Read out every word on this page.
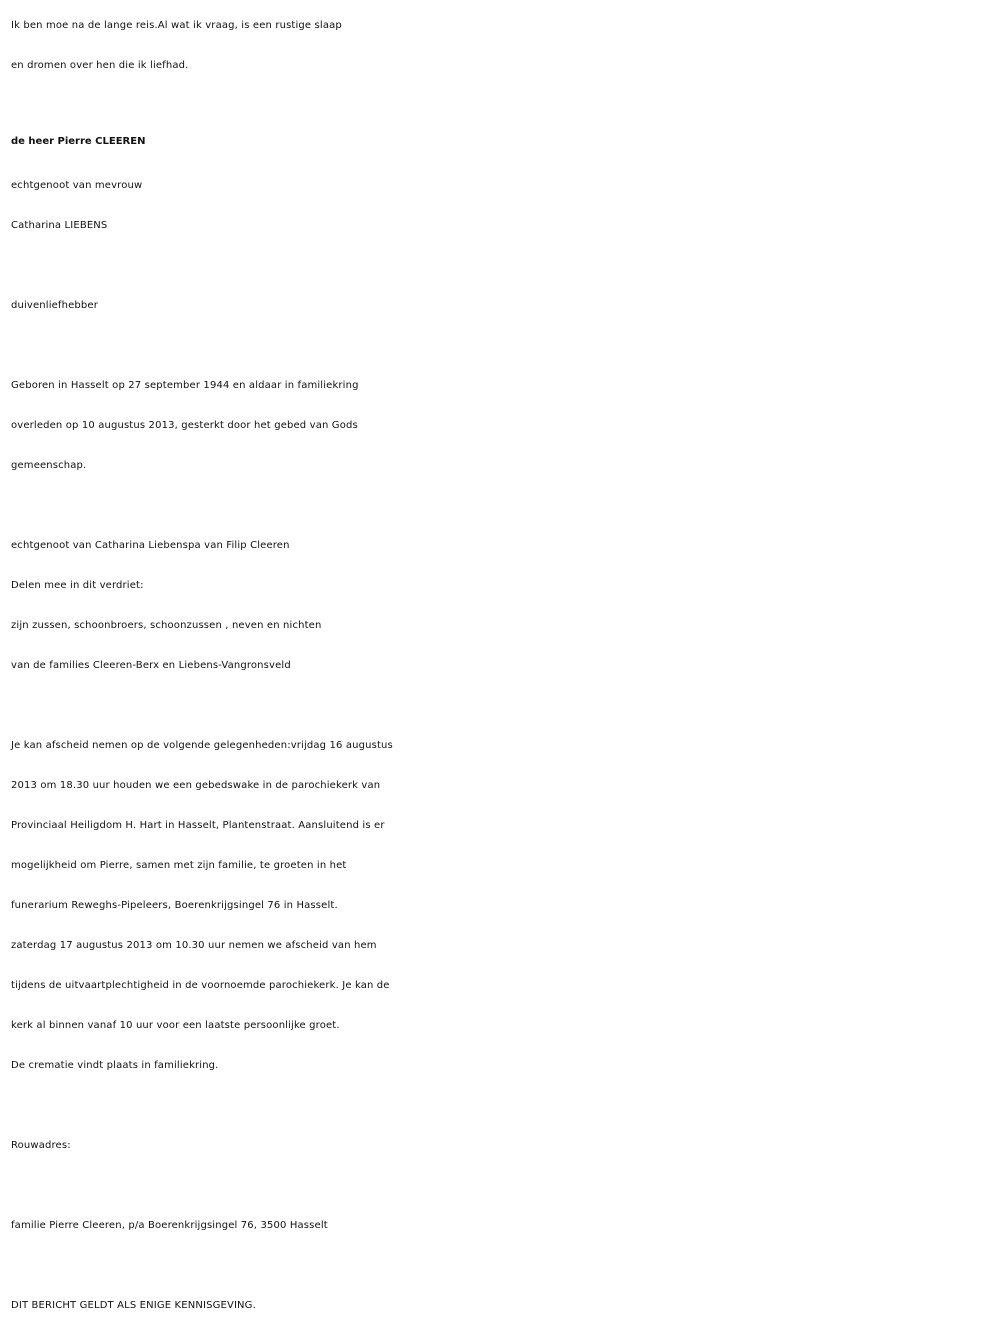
Ik ben moe na de lange reis.Al wat ik vraag, is een rustige slaap
en dromen over hen die ik liefhad.
de heer Pierre CLEEREN
echtgenoot van mevrouw
Catharina LIEBENS
duivenliefhebber
Geboren in Hasselt op 27 september 1944 en aldaar in familiekring
overleden op 10 augustus 2013, gesterkt door het gebed van Gods
gemeenschap.
echtgenoot van Catharina Liebenspa van Filip Cleeren
Delen mee in dit verdriet:
zijn zussen, schoonbroers, schoonzussen , neven en nichten
van de families Cleeren-Berx en Liebens-Vangronsveld
Je kan afscheid nemen op de volgende gelegenheden:vrijdag 16 augustus
2013 om 18.30 uur houden we een gebedswake in de parochiekerk van
Provinciaal Heiligdom H. Hart in Hasselt, Plantenstraat. Aansluitend is er
mogelijkheid om Pierre, samen met zijn familie, te groeten in het
funerarium Reweghs-Pipeleers, Boerenkrijgsingel 76 in Hasselt.
zaterdag 17 augustus 2013 om 10.30 uur nemen we afscheid van hem
tijdens de uitvaartplechtigheid in de voornoemde parochiekerk. Je kan de
kerk al binnen vanaf 10 uur voor een laatste persoonlijke groet.
De crematie vindt plaats in familiekring.
Rouwadres:
familie Pierre Cleeren, p/a Boerenkrijgsingel 76, 3500 Hasselt
DIT BERICHT GELDT ALS ENIGE KENNISGEVING.
